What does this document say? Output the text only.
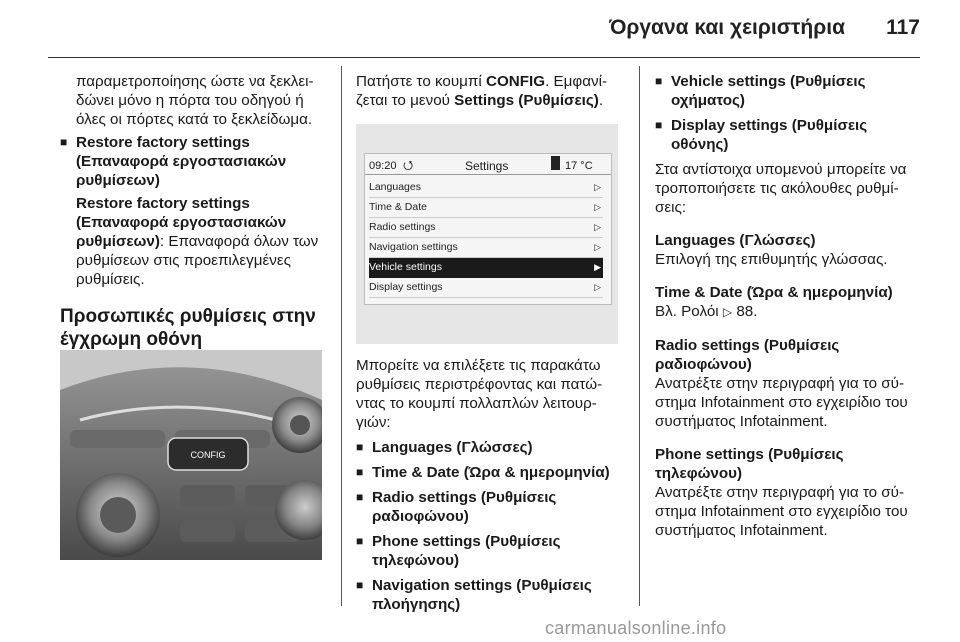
Όργανα και χειριστήρια 117

παραμετροποίησης ώστε να ξεκλει-δώνει μόνο η πόρτα του οδηγού ή όλες οι πόρτες κατά το ξεκλείδωμα.

■ Restore factory settings (Επαναφορά εργοστασιακών ρυθμίσεων)

Restore factory settings (Επαναφορά εργοστασιακών ρυθμίσεων): Επαναφορά όλων των ρυθμίσεων στις προεπιλεγμένες ρυθμίσεις.

Προσωπικές ρυθμίσεις στην έγχρωμη οθόνη

CONFIG

Πατήστε το κουμπί CONFIG. Εμφανί-ζεται το μενού Settings (Ρυθμίσεις).

09:20 ⭯	Settings	17 °C
Languages	▷
Time & Date	▷
Radio settings	▷
Navigation settings	▷
Vehicle settings	▶
Display settings	▷

Μπορείτε να επιλέξετε τις παρακάτω ρυθμίσεις περιστρέφοντας και πατώ-ντας το κουμπί πολλαπλών λειτουρ-γιών:

■ Languages (Γλώσσες)

■ Time & Date (Ώρα & ημερομηνία)

■ Radio settings (Ρυθμίσεις ραδιοφώνου)

■ Phone settings (Ρυθμίσεις τηλεφώνου)

■ Navigation settings (Ρυθμίσεις πλοήγησης)

■ Vehicle settings (Ρυθμίσεις οχήματος)

■ Display settings (Ρυθμίσεις οθόνης)

Στα αντίστοιχα υπομενού μπορείτε να τροποποιήσετε τις ακόλουθες ρυθμί-σεις:

Languages (Γλώσσες)

Επιλογή της επιθυμητής γλώσσας.

Time & Date (Ώρα & ημερομηνία)

Βλ. Ρολόι ▷ 88.

Radio settings (Ρυθμίσεις ραδιοφώνου)

Ανατρέξτε στην περιγραφή για το σύ-στημα Infotainment στο εγχειρίδιο του συστήματος Infotainment.

Phone settings (Ρυθμίσεις τηλεφώνου)

Ανατρέξτε στην περιγραφή για το σύ-στημα Infotainment στο εγχειρίδιο του συστήματος Infotainment.

carmanualsonline.info
